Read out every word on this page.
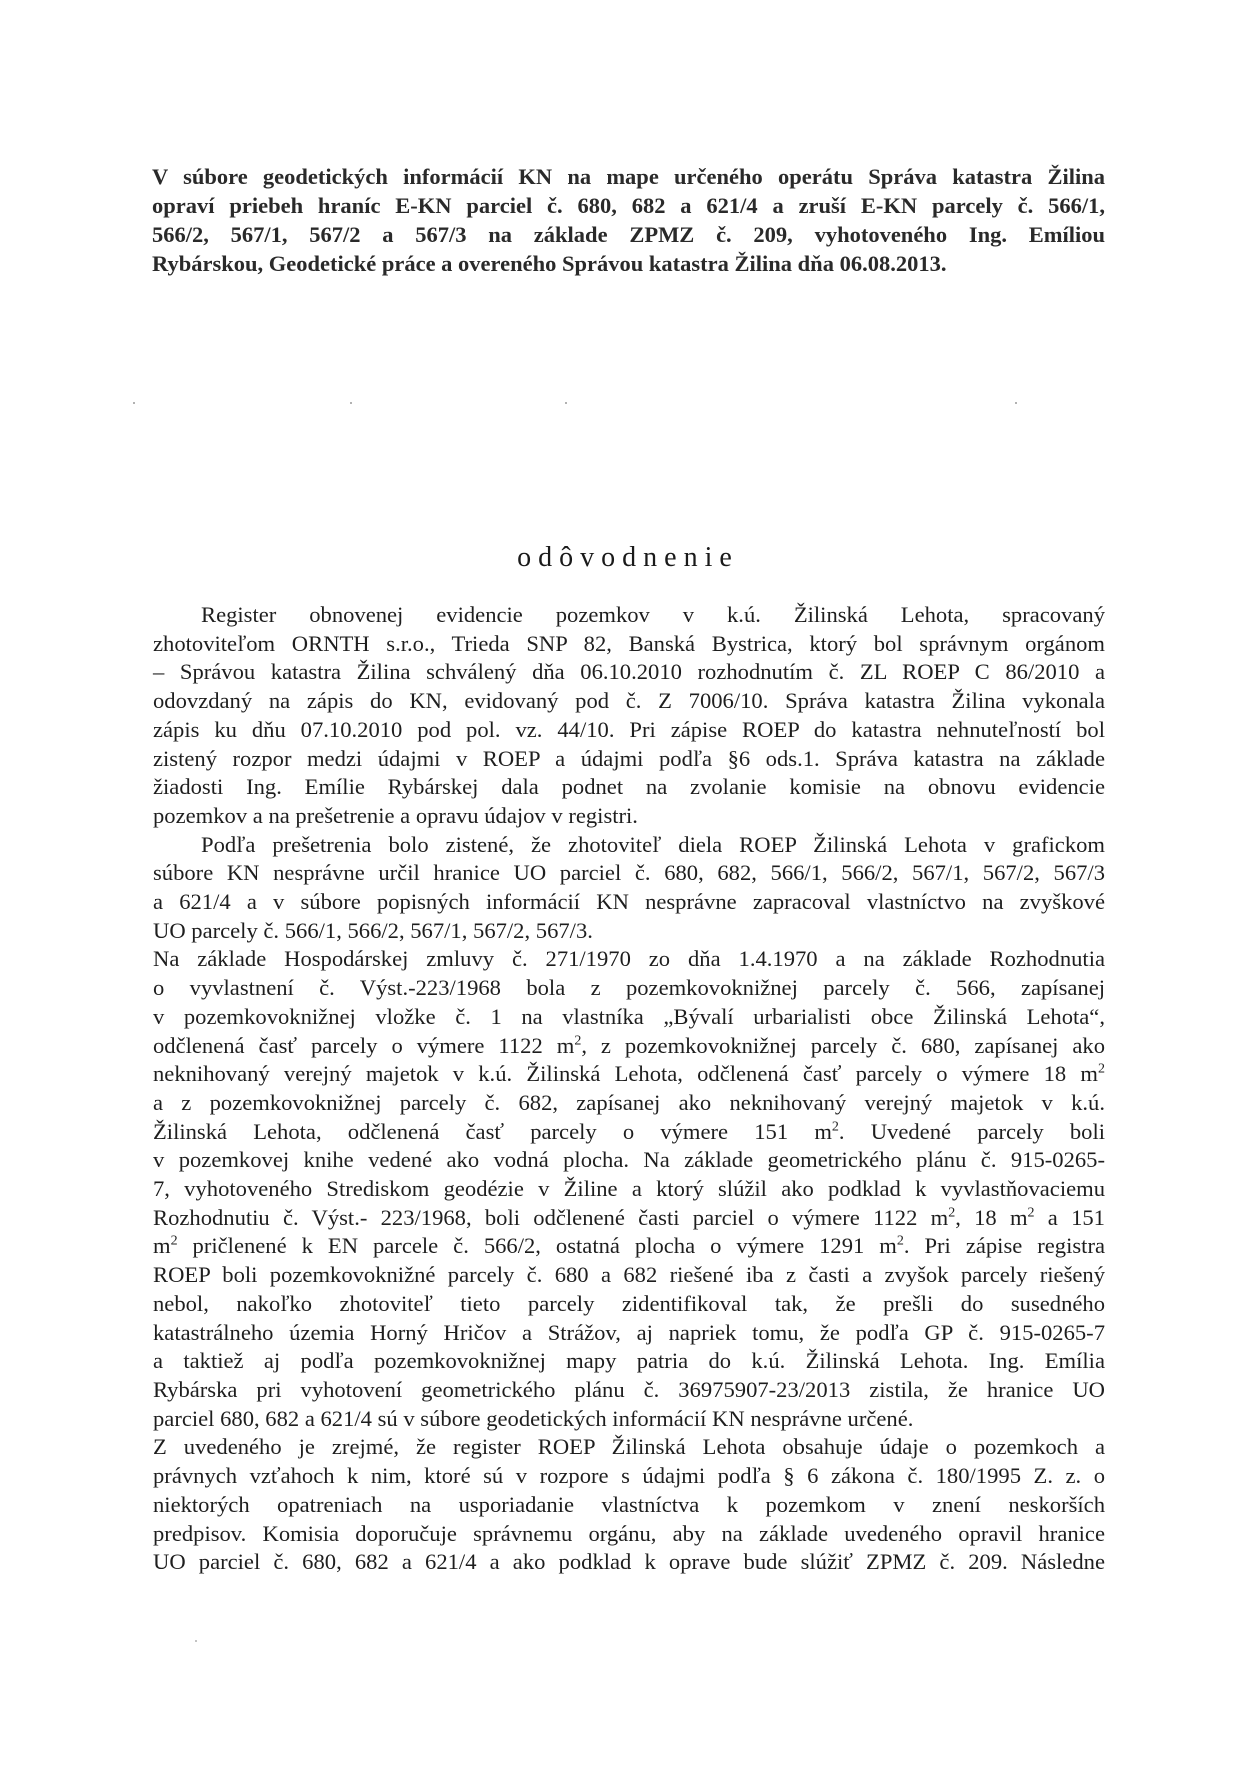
V súbore geodetických informácií KN na mape určeného operátu Správa katastra Žilina
opraví priebeh hraníc E-KN parciel č. 680, 682 a 621/4 a zruší E-KN parcely č. 566/1,
566/2, 567/1, 567/2 a 567/3 na základe ZPMZ č. 209, vyhotoveného Ing. Emíliou
Rybárskou, Geodetické práce a overeného Správou katastra Žilina dňa 06.08.2013.
odôvodnenie
Register obnovenej evidencie pozemkov v k.ú. Žilinská Lehota, spracovaný
zhotoviteľom ORNTH s.r.o., Trieda SNP 82, Banská Bystrica, ktorý bol správnym orgánom
– Správou katastra Žilina schválený dňa 06.10.2010 rozhodnutím č. ZL ROEP C 86/2010 a
odovzdaný na zápis do KN, evidovaný pod č. Z 7006/10. Správa katastra Žilina vykonala
zápis ku dňu 07.10.2010 pod pol. vz. 44/10. Pri zápise ROEP do katastra nehnuteľností bol
zistený rozpor medzi údajmi v ROEP a údajmi podľa §6 ods.1. Správa katastra na základe
žiadosti Ing. Emílie Rybárskej dala podnet na zvolanie komisie na obnovu evidencie
pozemkov a na prešetrenie a opravu údajov v registri.
Podľa prešetrenia bolo zistené, že zhotoviteľ diela ROEP Žilinská Lehota v grafickom
súbore KN nesprávne určil hranice UO parciel č. 680, 682, 566/1, 566/2, 567/1, 567/2, 567/3
a 621/4 a v súbore popisných informácií KN nesprávne zapracoval vlastníctvo na zvyškové
UO parcely č. 566/1, 566/2, 567/1, 567/2, 567/3.
Na základe Hospodárskej zmluvy č. 271/1970 zo dňa 1.4.1970 a na základe Rozhodnutia
o vyvlastnení č. Výst.-223/1968 bola z pozemkovoknižnej parcely č. 566, zapísanej
v pozemkovoknižnej vložke č. 1 na vlastníka „Bývalí urbarialisti obce Žilinská Lehota“,
odčlenená časť parcely o výmere 1122 $m^2$, z pozemkovoknižnej parcely č. 680, zapísanej ako
neknihovaný verejný majetok v k.ú. Žilinská Lehota, odčlenená časť parcely o výmere 18 $m^2$
a z pozemkovoknižnej parcely č. 682, zapísanej ako neknihovaný verejný majetok v k.ú.
Žilinská Lehota, odčlenená časť parcely o výmere 151 $m^2$. Uvedené parcely boli
v pozemkovej knihe vedené ako vodná plocha. Na základe geometrického plánu č. 915-0265-
7, vyhotoveného Strediskom geodézie v Žiline a ktorý slúžil ako podklad k vyvlastňovaciemu
Rozhodnutiu č. Výst.- 223/1968, boli odčlenené časti parciel o výmere 1122 $m^2$, 18 $m^2$ a 151
$m^2$ pričlenené k EN parcele č. 566/2, ostatná plocha o výmere 1291 $m^2$. Pri zápise registra
ROEP boli pozemkovoknižné parcely č. 680 a 682 riešené iba z časti a zvyšok parcely riešený
nebol, nakoľko zhotoviteľ tieto parcely zidentifikoval tak, že prešli do susedného
katastrálneho územia Horný Hričov a Strážov, aj napriek tomu, že podľa GP č. 915-0265-7
a taktiež aj podľa pozemkovoknižnej mapy patria do k.ú. Žilinská Lehota. Ing. Emília
Rybárska pri vyhotovení geometrického plánu č. 36975907-23/2013 zistila, že hranice UO
parciel 680, 682 a 621/4 sú v súbore geodetických informácií KN nesprávne určené.
Z uvedeného je zrejmé, že register ROEP Žilinská Lehota obsahuje údaje o pozemkoch a
právnych vzťahoch k nim, ktoré sú v rozpore s údajmi podľa § 6 zákona č. 180/1995 Z. z. o
niektorých opatreniach na usporiadanie vlastníctva k pozemkom v znení neskorších
predpisov. Komisia doporučuje správnemu orgánu, aby na základe uvedeného opravil hranice
UO parciel č. 680, 682 a 621/4 a ako podklad k oprave bude slúžiť ZPMZ č. 209. Následne
